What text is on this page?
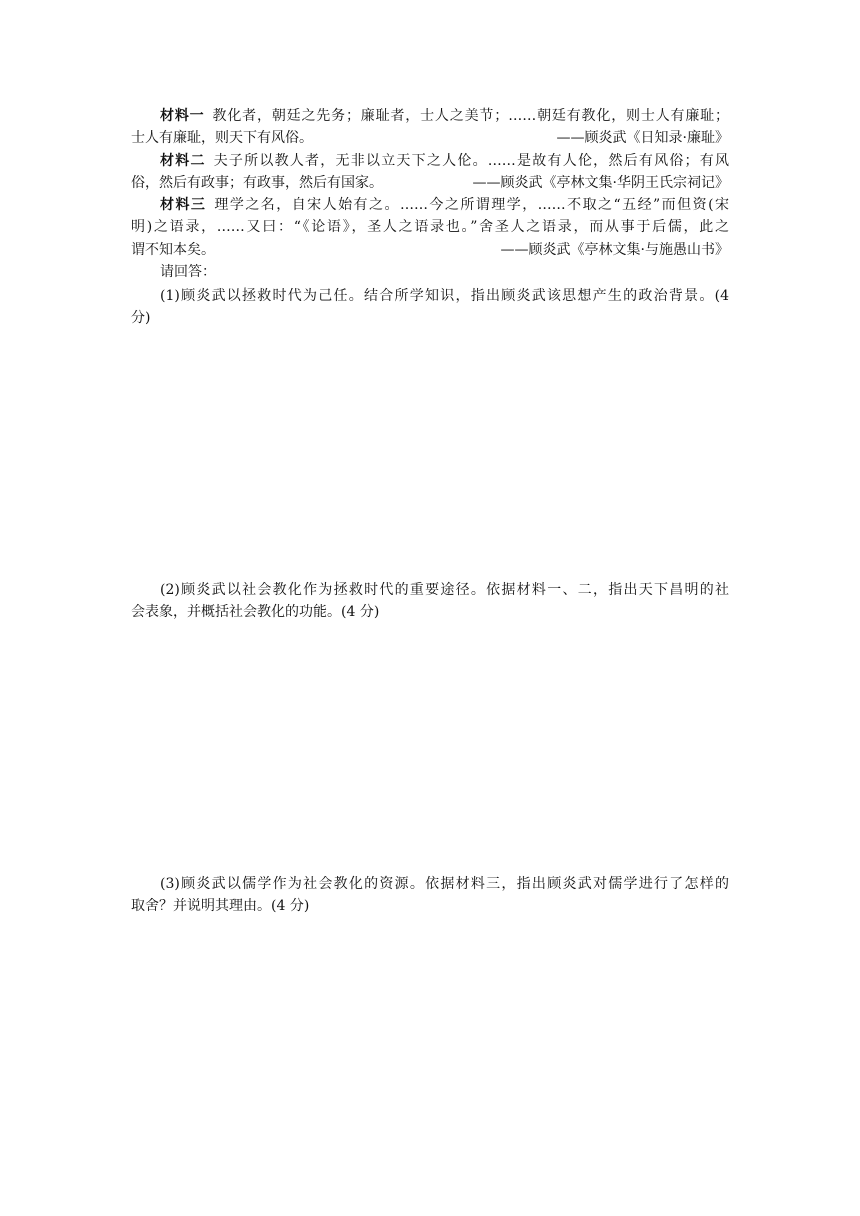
材料一 教化者，朝廷之先务；廉耻者，士人之美节；……朝廷有教化，则士人有廉耻；
士人有廉耻，则天下有风俗。	——顾炎武《日知录·廉耻》
材料二 夫子所以教人者，无非以立天下之人伦。……是故有人伦，然后有风俗；有风
俗，然后有政事；有政事，然后有国家。	——顾炎武《亭林文集·华阴王氏宗祠记》
材料三 理学之名，自宋人始有之。……今之所谓理学，……不取之“五经”而但资(宋
明)之语录，……又曰：“《论语》，圣人之语录也。”舍圣人之语录，而从事于后儒，此之
谓不知本矣。	——顾炎武《亭林文集·与施愚山书》
请回答：
(1)顾炎武以拯救时代为己任。结合所学知识，指出顾炎武该思想产生的政治背景。(4
分)
(2)顾炎武以社会教化作为拯救时代的重要途径。依据材料一、二，指出天下昌明的社
会表象，并概括社会教化的功能。(4 分)
(3)顾炎武以儒学作为社会教化的资源。依据材料三，指出顾炎武对儒学进行了怎样的
取舍？并说明其理由。(4 分)
